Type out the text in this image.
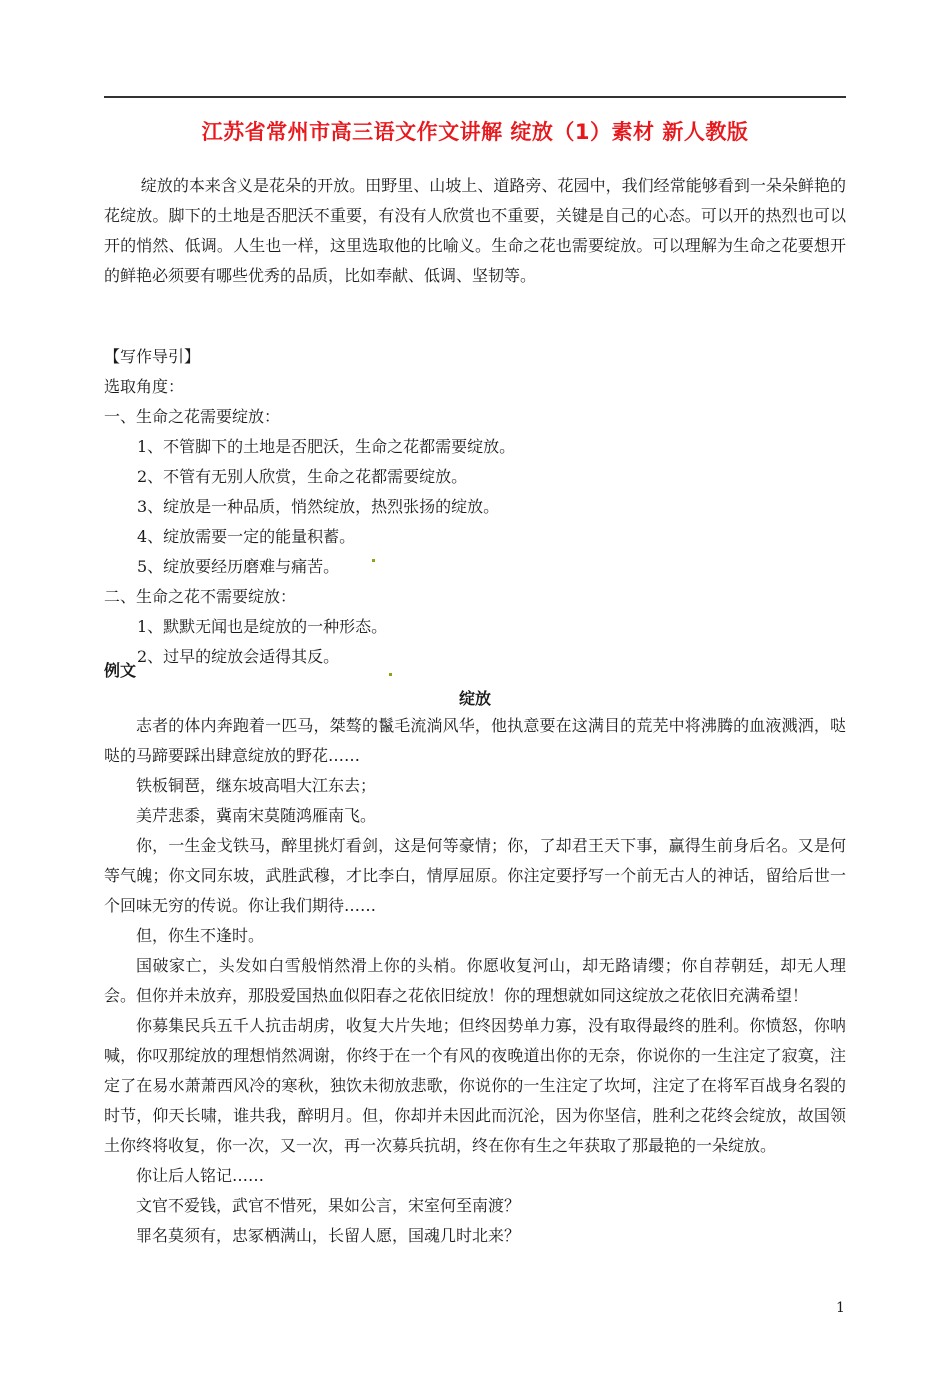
江苏省常州市高三语文作文讲解 绽放（1）素材 新人教版
绽放的本来含义是花朵的开放。田野里、山坡上、道路旁、花园中，我们经常能够看到一朵朵鲜艳的花绽放。脚下的土地是否肥沃不重要，有没有人欣赏也不重要，关键是自己的心态。可以开的热烈也可以开的悄然、低调。人生也一样，这里选取他的比喻义。生命之花也需要绽放。可以理解为生命之花要想开的鲜艳必须要有哪些优秀的品质，比如奉献、低调、坚韧等。
【写作导引】
选取角度：
一、生命之花需要绽放：
1、不管脚下的土地是否肥沃，生命之花都需要绽放。
2、不管有无别人欣赏，生命之花都需要绽放。
3、绽放是一种品质，悄然绽放，热烈张扬的绽放。
4、绽放需要一定的能量积蓄。
5、绽放要经历磨难与痛苦。
二、生命之花不需要绽放：
1、默默无闻也是绽放的一种形态。
2、过早的绽放会适得其反。
例文
绽放

志者的体内奔跑着一匹马，桀骜的鬣毛流淌风华，他执意要在这满目的荒芜中将沸腾的血液溅洒，哒哒的马蹄要踩出肆意绽放的野花……

铁板铜琶，继东坡高唱大江东去；

美芹悲黍，冀南宋莫随鸿雁南飞。

你，一生金戈铁马，醉里挑灯看剑，这是何等豪情；你，了却君王天下事，赢得生前身后名。又是何等气魄；你文同东坡，武胜武穆，才比李白，情厚屈原。你注定要抒写一个前无古人的神话，留给后世一个回味无穷的传说。你让我们期待……

但，你生不逢时。

国破家亡，头发如白雪般悄然滑上你的头梢。你愿收复河山，却无路请缨；你自荐朝廷，却无人理会。但你并未放弃，那股爱国热血似阳春之花依旧绽放！你的理想就如同这绽放之花依旧充满希望！

你募集民兵五千人抗击胡虏，收复大片失地；但终因势单力寡，没有取得最终的胜利。你愤怒，你呐喊，你叹那绽放的理想悄然凋谢，你终于在一个有风的夜晚道出你的无奈，你说你的一生注定了寂寞，注定了在易水萧萧西风冷的寒秋，独饮未彻放悲歌，你说你的一生注定了坎坷，注定了在将军百战身名裂的时节，仰天长啸，谁共我，醉明月。但，你却并未因此而沉沦，因为你坚信，胜利之花终会绽放，故国领土你终将收复，你一次，又一次，再一次募兵抗胡，终在你有生之年获取了那最艳的一朵绽放。

你让后人铭记……

文官不爱钱，武官不惜死，果如公言，宋室何至南渡？

罪名莫须有，忠冢栖满山，长留人愿，国魂几时北来？

1
